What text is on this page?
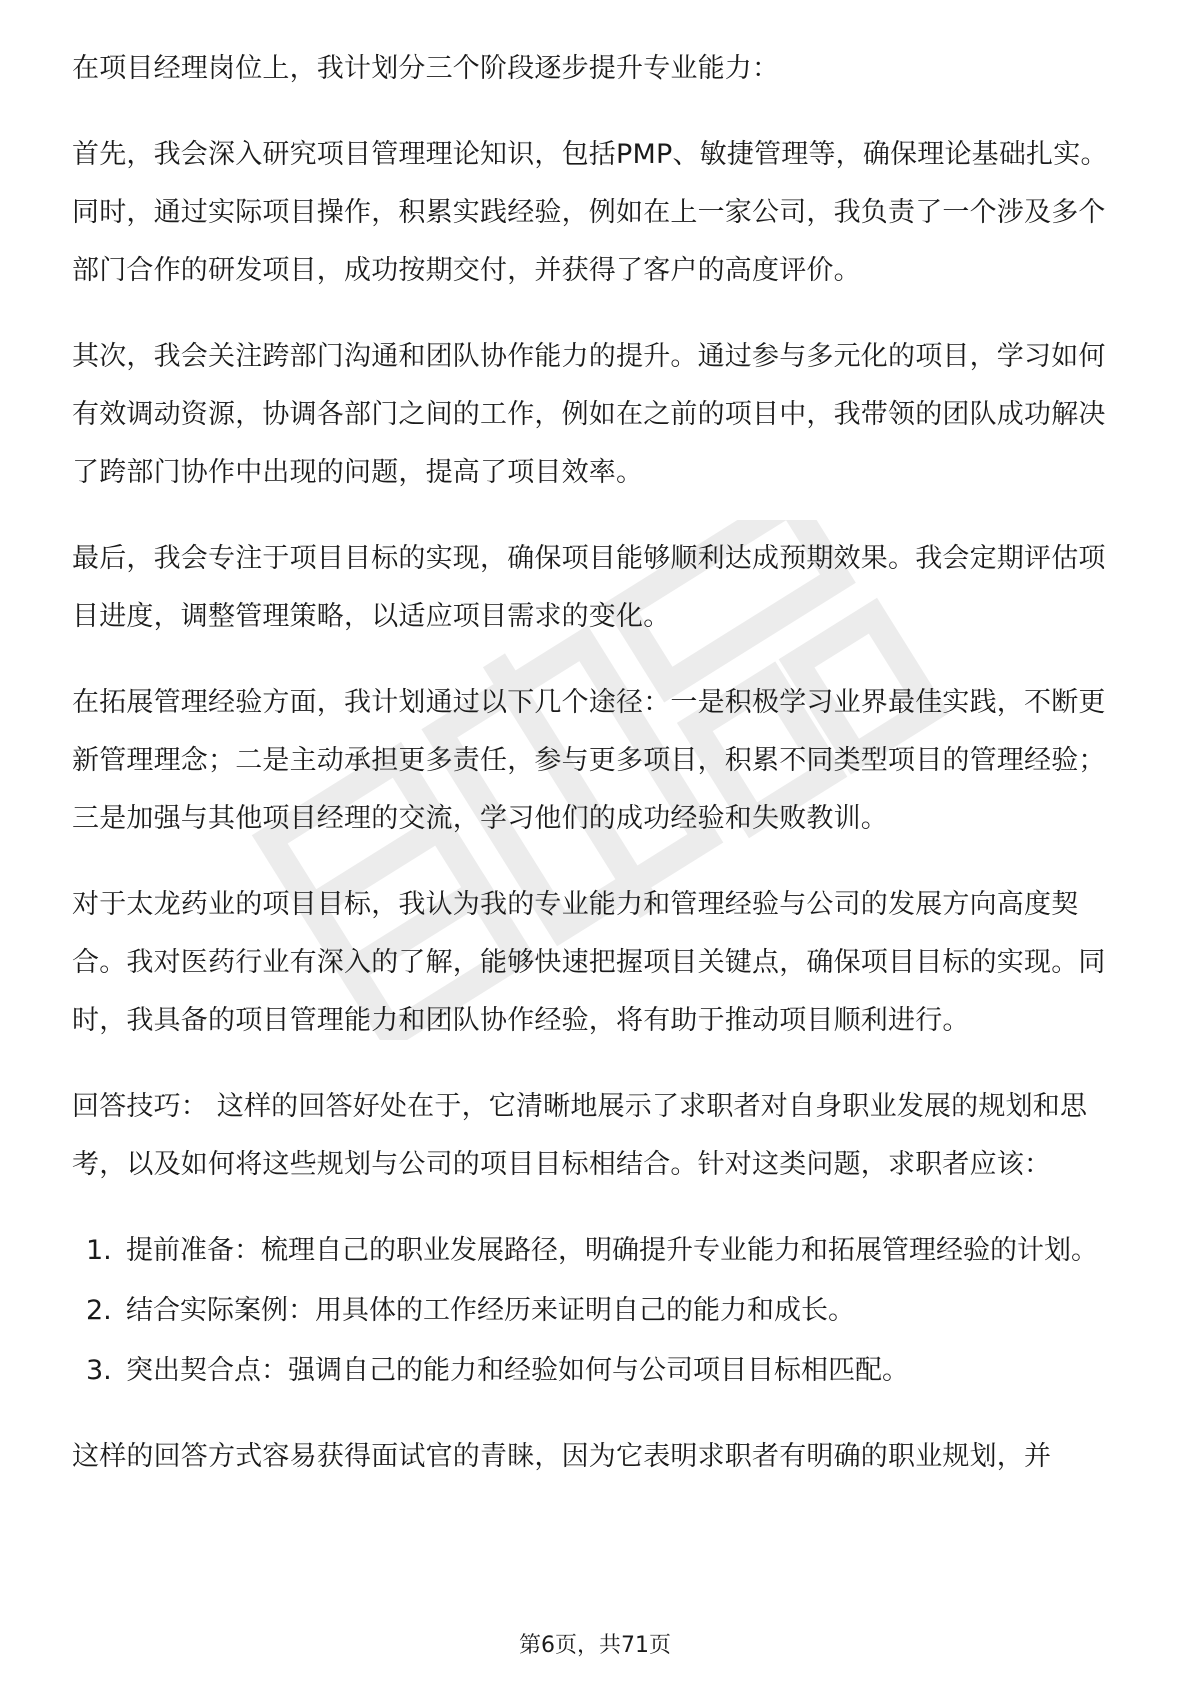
在项目经理岗位上，我计划分三个阶段逐步提升专业能力：

首先，我会深入研究项目管理理论知识，包括PMP、敏捷管理等，确保理论基础扎实。同时，通过实际项目操作，积累实践经验，例如在上一家公司，我负责了一个涉及多个部门合作的研发项目，成功按期交付，并获得了客户的高度评价。

其次，我会关注跨部门沟通和团队协作能力的提升。通过参与多元化的项目，学习如何有效调动资源，协调各部门之间的工作，例如在之前的项目中，我带领的团队成功解决了跨部门协作中出现的问题，提高了项目效率。

最后，我会专注于项目目标的实现，确保项目能够顺利达成预期效果。我会定期评估项目进度，调整管理策略，以适应项目需求的变化。

在拓展管理经验方面，我计划通过以下几个途径：一是积极学习业界最佳实践，不断更新管理理念；二是主动承担更多责任，参与更多项目，积累不同类型项目的管理经验；三是加强与其他项目经理的交流，学习他们的成功经验和失败教训。

对于太龙药业的项目目标，我认为我的专业能力和管理经验与公司的发展方向高度契合。我对医药行业有深入的了解，能够快速把握项目关键点，确保项目目标的实现。同时，我具备的项目管理能力和团队协作经验，将有助于推动项目顺利进行。

回答技巧： 这样的回答好处在于，它清晰地展示了求职者对自身职业发展的规划和思考，以及如何将这些规划与公司的项目目标相结合。针对这类问题，求职者应该：

1. 提前准备：梳理自己的职业发展路径，明确提升专业能力和拓展管理经验的计划。
2. 结合实际案例：用具体的工作经历来证明自己的能力和成长。
3. 突出契合点：强调自己的能力和经验如何与公司项目目标相匹配。

这样的回答方式容易获得面试官的青睐，因为它表明求职者有明确的职业规划，并

第6页，共71页
